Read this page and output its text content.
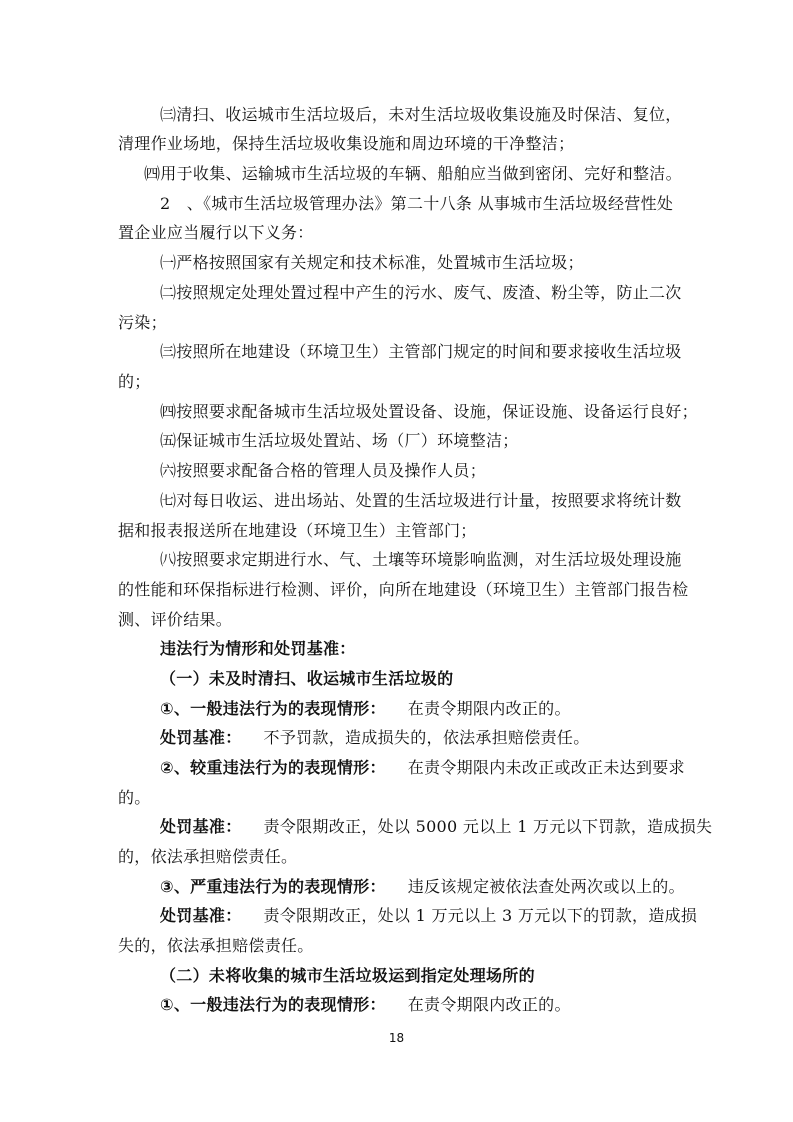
㈢清扫、收运城市生活垃圾后，未对生活垃圾收集设施及时保洁、复位，
清理作业场地，保持生活垃圾收集设施和周边环境的干净整洁；
㈣用于收集、运输城市生活垃圾的车辆、船舶应当做到密闭、完好和整洁。
2　、《城市生活垃圾管理办法》第二十八条 从事城市生活垃圾经营性处
置企业应当履行以下义务：
㈠严格按照国家有关规定和技术标准，处置城市生活垃圾；
㈡按照规定处理处置过程中产生的污水、废气、废渣、粉尘等，防止二次
污染；
㈢按照所在地建设（环境卫生）主管部门规定的时间和要求接收生活垃圾
的；
㈣按照要求配备城市生活垃圾处置设备、设施，保证设施、设备运行良好；
㈤保证城市生活垃圾处置站、场（厂）环境整洁；
㈥按照要求配备合格的管理人员及操作人员；
㈦对每日收运、进出场站、处置的生活垃圾进行计量，按照要求将统计数
据和报表报送所在地建设（环境卫生）主管部门；
㈧按照要求定期进行水、气、土壤等环境影响监测，对生活垃圾处理设施
的性能和环保指标进行检测、评价，向所在地建设（环境卫生）主管部门报告检
测、评价结果。
违法行为情形和处罚基准：
（一）未及时清扫、收运城市生活垃圾的
①、一般违法行为的表现情形： 在责令期限内改正的。
处罚基准： 不予罚款，造成损失的，依法承担赔偿责任。
②、较重违法行为的表现情形： 在责令期限内未改正或改正未达到要求
的。
处罚基准： 责令限期改正，处以 5000 元以上 1 万元以下罚款，造成损失
的，依法承担赔偿责任。
③、严重违法行为的表现情形： 违反该规定被依法查处两次或以上的。
处罚基准： 责令限期改正，处以 1 万元以上 3 万元以下的罚款，造成损
失的，依法承担赔偿责任。
（二）未将收集的城市生活垃圾运到指定处理场所的
①、一般违法行为的表现情形： 在责令期限内改正的。
18
